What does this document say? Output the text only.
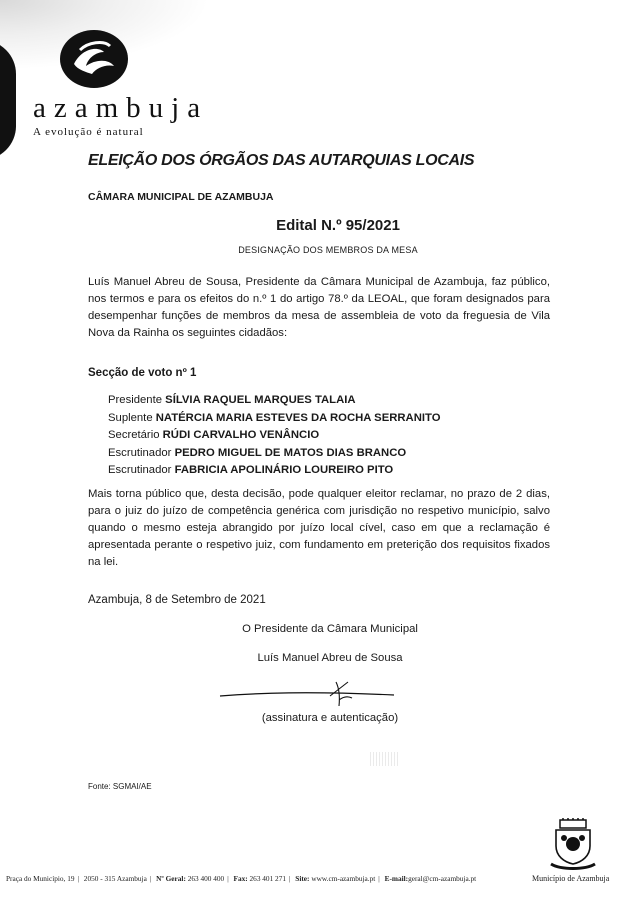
azambuja
A evolução é natural
ELEIÇÃO DOS ÓRGÃOS DAS AUTARQUIAS LOCAIS
CÂMARA MUNICIPAL DE AZAMBUJA
Edital N.º 95/2021
DESIGNAÇÃO DOS MEMBROS DA MESA
Luís Manuel Abreu de Sousa, Presidente da Câmara Municipal de Azambuja, faz público, nos termos e para os efeitos do n.º 1 do artigo 78.º da LEOAL, que foram designados para desempenhar funções de membros da mesa de assembleia de voto da freguesia de Vila Nova da Rainha os seguintes cidadãos:
Secção de voto nº 1
Presidente SÍLVIA RAQUEL MARQUES TALAIA
Suplente NATÉRCIA MARIA ESTEVES DA ROCHA SERRANITO
Secretário RÚDI CARVALHO VENÂNCIO
Escrutinador PEDRO MIGUEL DE MATOS DIAS BRANCO
Escrutinador FABRICIA APOLINÁRIO LOUREIRO PITO
Mais torna público que, desta decisão, pode qualquer eleitor reclamar, no prazo de 2 dias, para o juiz do juízo de competência genérica com jurisdição no respetivo município, salvo quando o mesmo esteja abrangido por juízo local cível, caso em que a reclamação é apresentada perante o respetivo juiz, com fundamento em preterição dos requisitos fixados na lei.
Azambuja, 8 de Setembro de 2021
O Presidente da Câmara Municipal
Luís Manuel Abreu de Sousa
(assinatura e autenticação)
Fonte: SGMAI/AE
Praça do Município, 19 | 2050 - 315 Azambuja | Nº Geral: 263 400 400 | Fax: 263 401 271 | Site: www.cm-azambuja.pt | E-mail:geral@cm-azambuja.pt	Município de Azambuja
